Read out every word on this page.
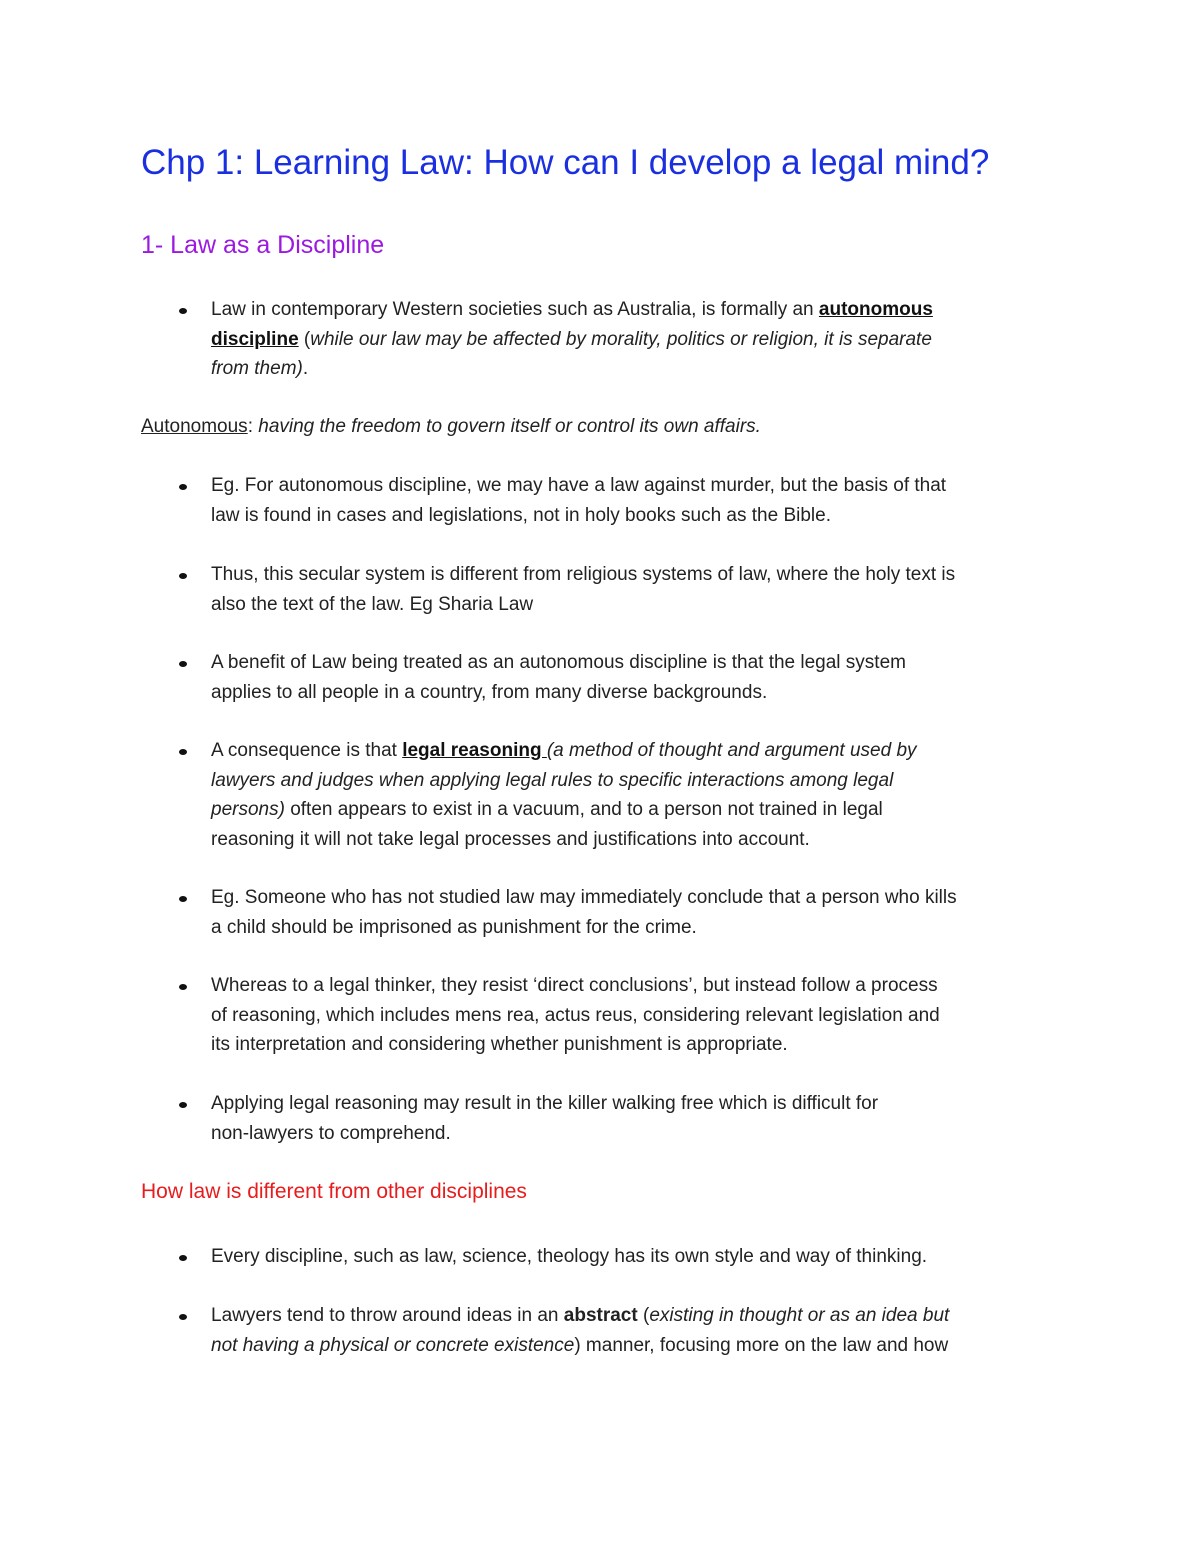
Chp 1: Learning Law: How can I develop a legal mind?
1- Law as a Discipline
Law in contemporary Western societies such as Australia, is formally an autonomous
discipline (while our law may be affected by morality, politics or religion, it is separate
from them).

Autonomous: having the freedom to govern itself or control its own affairs.

Eg. For autonomous discipline, we may have a law against murder, but the basis of that
law is found in cases and legislations, not in holy books such as the Bible.
Thus, this secular system is different from religious systems of law, where the holy text is
also the text of the law. Eg Sharia Law
A benefit of Law being treated as an autonomous discipline is that the legal system
applies to all people in a country, from many diverse backgrounds.
A consequence is that legal reasoning (a method of thought and argument used by
lawyers and judges when applying legal rules to specific interactions among legal
persons) often appears to exist in a vacuum, and to a person not trained in legal
reasoning it will not take legal processes and justifications into account.
Eg. Someone who has not studied law may immediately conclude that a person who kills
a child should be imprisoned as punishment for the crime.
Whereas to a legal thinker, they resist ‘direct conclusions’, but instead follow a process
of reasoning, which includes mens rea, actus reus, considering relevant legislation and
its interpretation and considering whether punishment is appropriate.
Applying legal reasoning may result in the killer walking free which is difficult for
non-lawyers to comprehend.
How law is different from other disciplines
Every discipline, such as law, science, theology has its own style and way of thinking.
Lawyers tend to throw around ideas in an abstract (existing in thought or as an idea but
not having a physical or concrete existence) manner, focusing more on the law and how
